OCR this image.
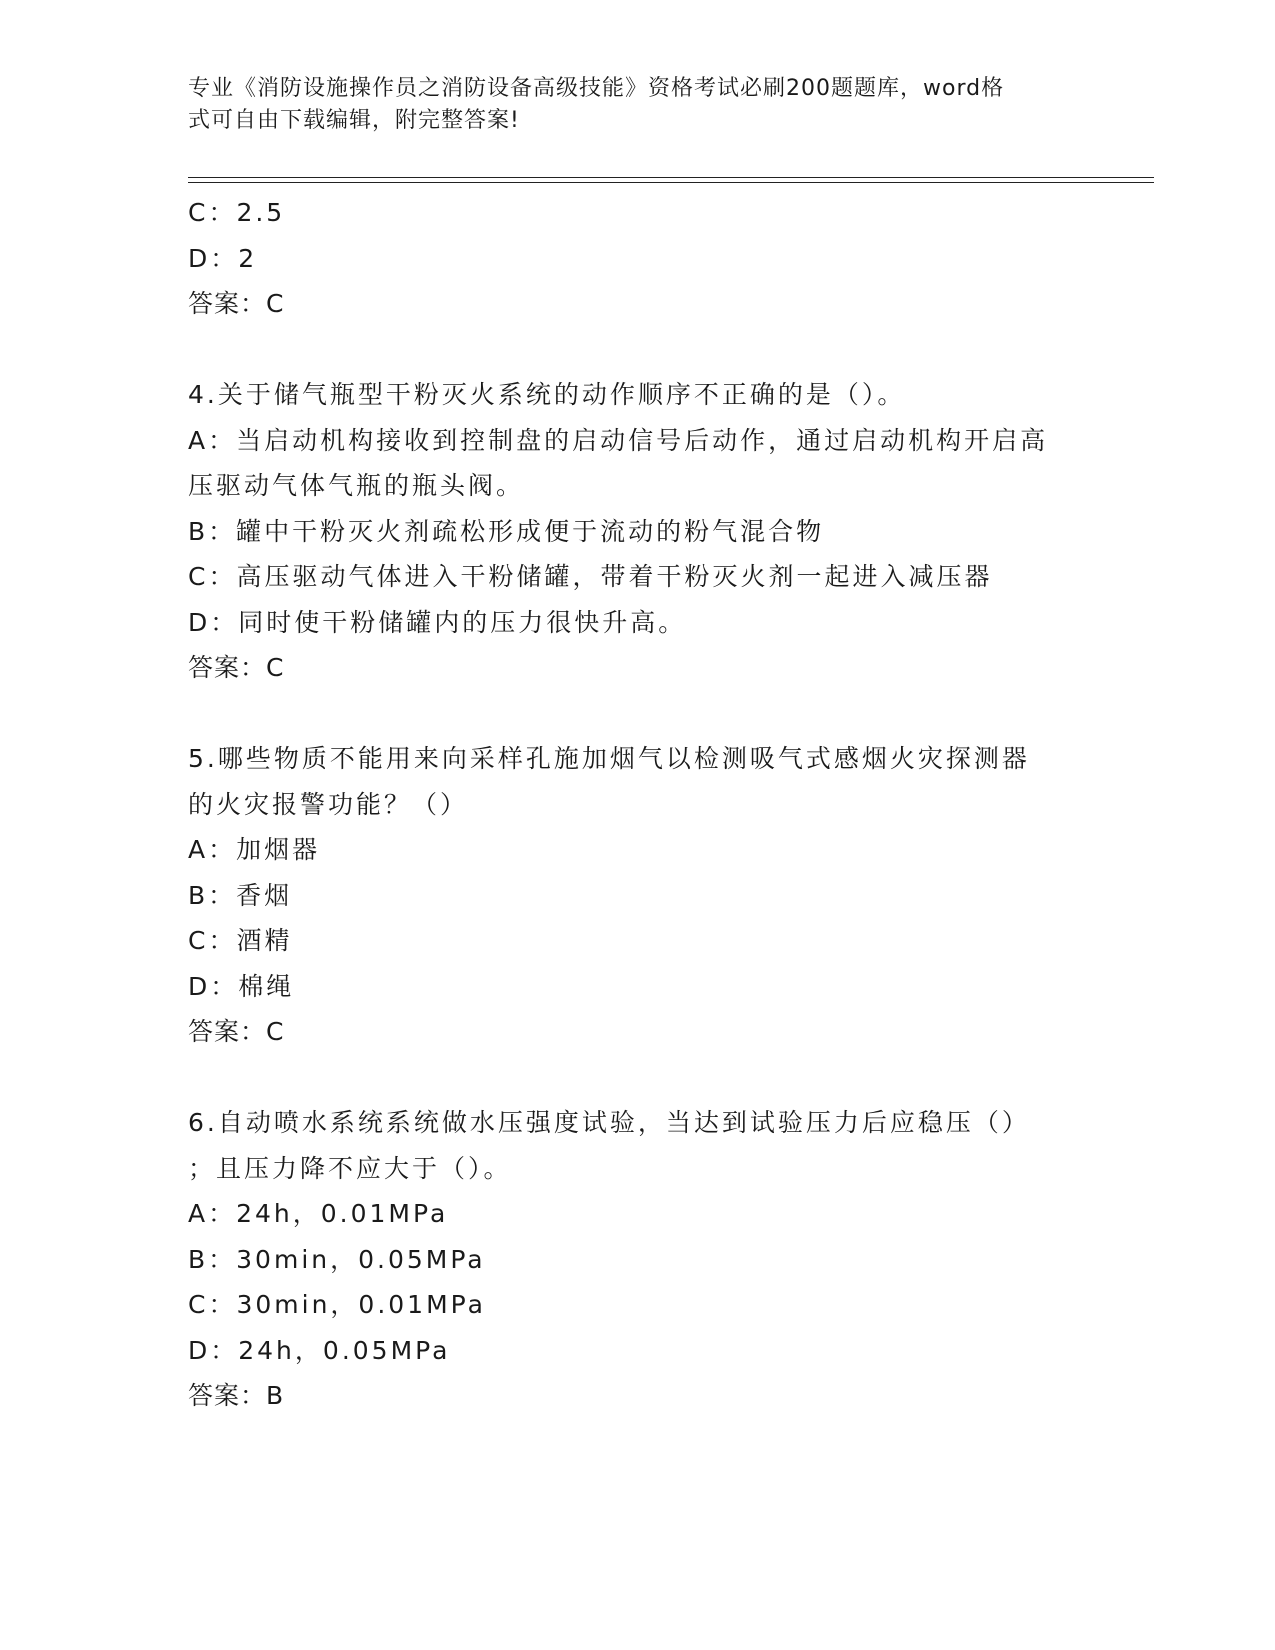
专业《消防设施操作员之消防设备高级技能》资格考试必刷200题题库，word格
式可自由下载编辑，附完整答案!
C：2.5
D：2
答案：C
4.关于储气瓶型干粉灭火系统的动作顺序不正确的是（）。
A：当启动机构接收到控制盘的启动信号后动作，通过启动机构开启高
压驱动气体气瓶的瓶头阀。
B：罐中干粉灭火剂疏松形成便于流动的粉气混合物
C：高压驱动气体进入干粉储罐，带着干粉灭火剂一起进入减压器
D：同时使干粉储罐内的压力很快升高。
答案：C
5.哪些物质不能用来向采样孔施加烟气以检测吸气式感烟火灾探测器
的火灾报警功能？（）
A：加烟器
B：香烟
C：酒精
D：棉绳
答案：C
6.自动喷水系统系统做水压强度试验，当达到试验压力后应稳压（）
；且压力降不应大于（）。
A：24h，0.01MPa
B：30min，0.05MPa
C：30min，0.01MPa
D：24h，0.05MPa
答案：B
